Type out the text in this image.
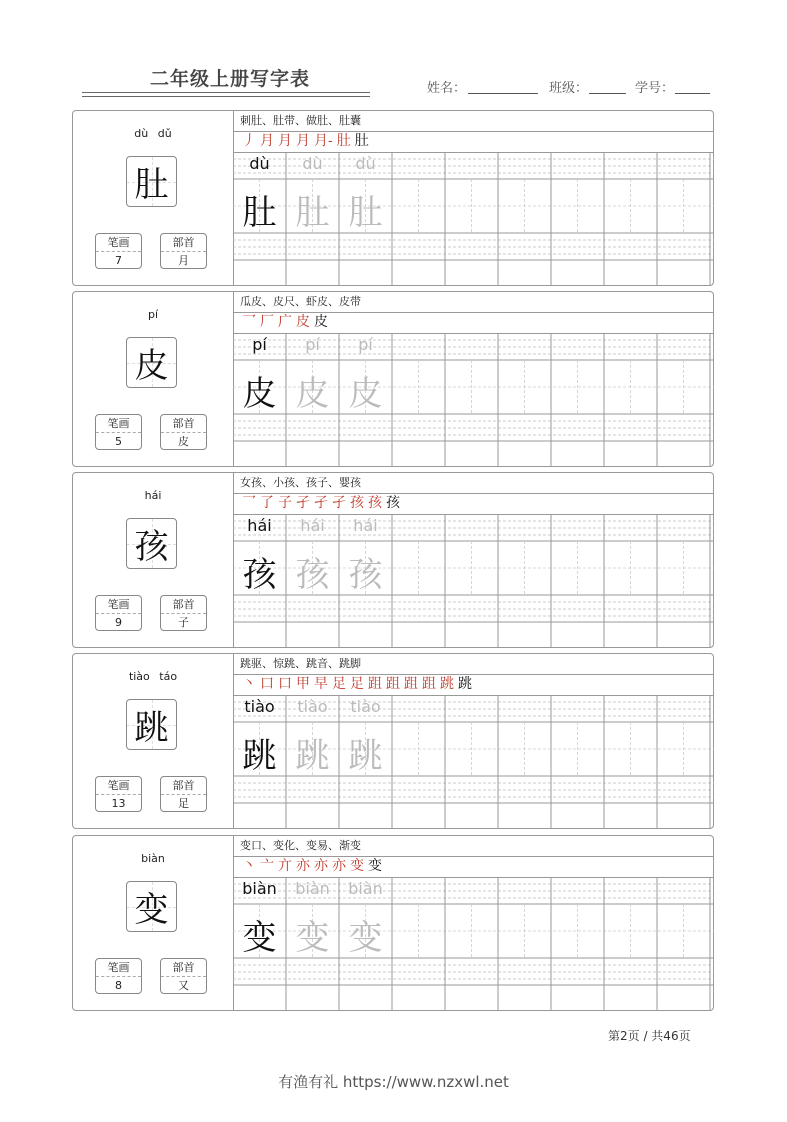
二年级上册写字表	姓名：	班级：	学号：
dù dǔ
肚
笔画
7
部首
月
刺肚、肚带、做肚、肚囊
丿 月 月 月 月- 肚 肚
dù
肚
dù
肚
dù
肚
pí
皮
笔画
5
部首
皮
瓜皮、皮尺、虾皮、皮带
乛 厂 广 皮 皮
pí
皮
pí
皮
pí
皮
hái
孩
笔画
9
部首
子
女孩、小孩、孩子、婴孩
乛 了 子 孑 孑 孑 孩 孩 孩
hái
孩
hái
孩
hái
孩
tiào táo
跳
笔画
13
部首
足
跳驱、惊跳、跳音、跳脚
丶 口 口 甲 早 足 足 跙 跙 跙 跙 跳 跳
tiào
跳
tiào
跳
tiào
跳
biàn
变
笔画
8
部首
又
变口、变化、变易、渐变
丶 亠 亣 亦 亦 亦 变 变
biàn
变
biàn
变
biàn
变
第2页 / 共46页
有渔有礼 https://www.nzxwl.net
